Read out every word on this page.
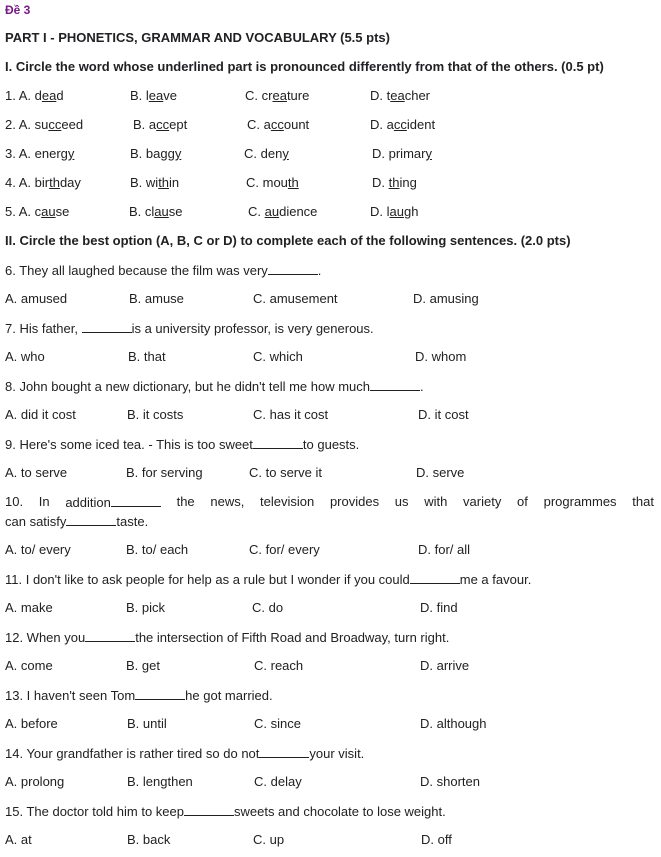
Đề 3
PART I - PHONETICS, GRAMMAR AND VOCABULARY (5.5 pts)
I. Circle the word whose underlined part is pronounced differently from that of the others. (0.5 pt)
1. A. dead	B. leave	C. creature	D. teacher
2. A. succeed	B. accept	C. account	D. accident
3. A. energy	B. baggy	C. deny	D. primary
4. A. birthday	B. within	C. mouth	D. thing
5. A. cause	B. clause	C. audience	D. laugh
II. Circle the best option (A, B, C or D) to complete each of the following sentences. (2.0 pts)
6. They all laughed because the film was very	.
A. amused	B. amuse	C. amusement	D. amusing
7. His father,	is a university professor, is very generous.
A. who	B. that	C. which	D. whom
8. John bought a new dictionary, but he didn't tell me how much	.
A. did it cost	B. it costs	C. has it cost	D. it cost
9. Here's some iced tea. - This is too sweet	to guests.
A. to serve	B. for serving	C. to serve it	D. serve
10. In addition	the news, television provides us with variety of programmes that
can satisfy	taste.
A. to/ every	B. to/ each	C. for/ every	D. for/ all
11. I don't like to ask people for help as a rule but I wonder if you could	me a favour.
A. make	B. pick	C. do	D. find
12. When you	the intersection of Fifth Road and Broadway, turn right.
A. come	B. get	C. reach	D. arrive
13. I haven't seen Tom	he got married.
A. before	B. until	C. since	D. although
14. Your grandfather is rather tired so do not	your visit.
A. prolong	B. lengthen	C. delay	D. shorten
15. The doctor told him to keep	sweets and chocolate to lose weight.
A. at	B. back	C. up	D. off
